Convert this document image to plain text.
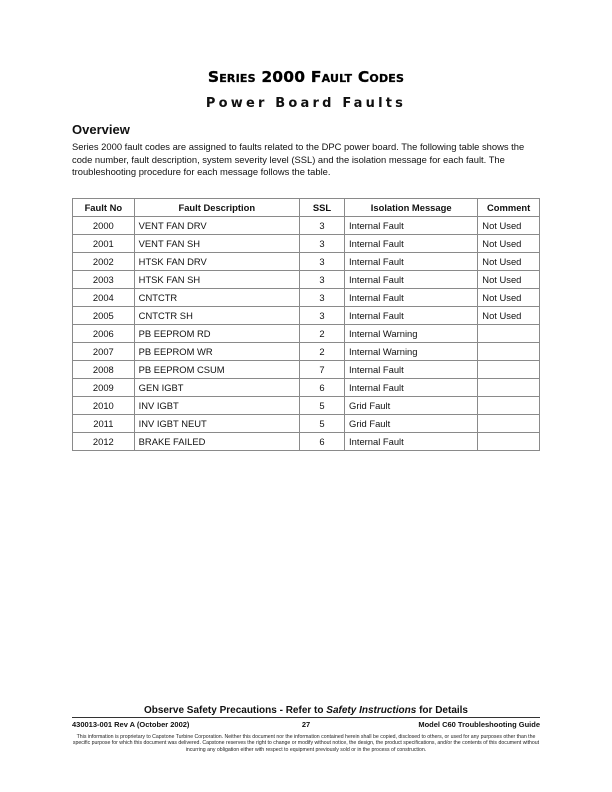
Series 2000 Fault Codes
Power Board Faults
Overview
Series 2000 fault codes are assigned to faults related to the DPC power board. The following table shows the code number, fault description, system severity level (SSL) and the isolation message for each fault. The troubleshooting procedure for each message follows the table.
Fault No	Fault Description	SSL	Isolation Message	Comment
2000	VENT FAN DRV	3	Internal Fault	Not Used
2001	VENT FAN SH	3	Internal Fault	Not Used
2002	HTSK FAN DRV	3	Internal Fault	Not Used
2003	HTSK FAN SH	3	Internal Fault	Not Used
2004	CNTCTR	3	Internal Fault	Not Used
2005	CNTCTR SH	3	Internal Fault	Not Used
2006	PB EEPROM RD	2	Internal Warning	
2007	PB EEPROM WR	2	Internal Warning	
2008	PB EEPROM CSUM	7	Internal Fault	
2009	GEN IGBT	6	Internal Fault	
2010	INV IGBT	5	Grid Fault	
2011	INV IGBT NEUT	5	Grid Fault	
2012	BRAKE FAILED	6	Internal Fault	
Observe Safety Precautions - Refer to Safety Instructions for Details
430013-001 Rev A (October 2002)	27	Model C60 Troubleshooting Guide
This information is proprietary to Capstone Turbine Corporation. Neither this document nor the information contained herein shall be copied, disclosed to others, or used for any purposes other than the specific purpose for which this document was delivered. Capstone reserves the right to change or modify without notice, the design, the product specifications, and/or the contents of this document without incurring any obligation either with respect to equipment previously sold or in the process of construction.
